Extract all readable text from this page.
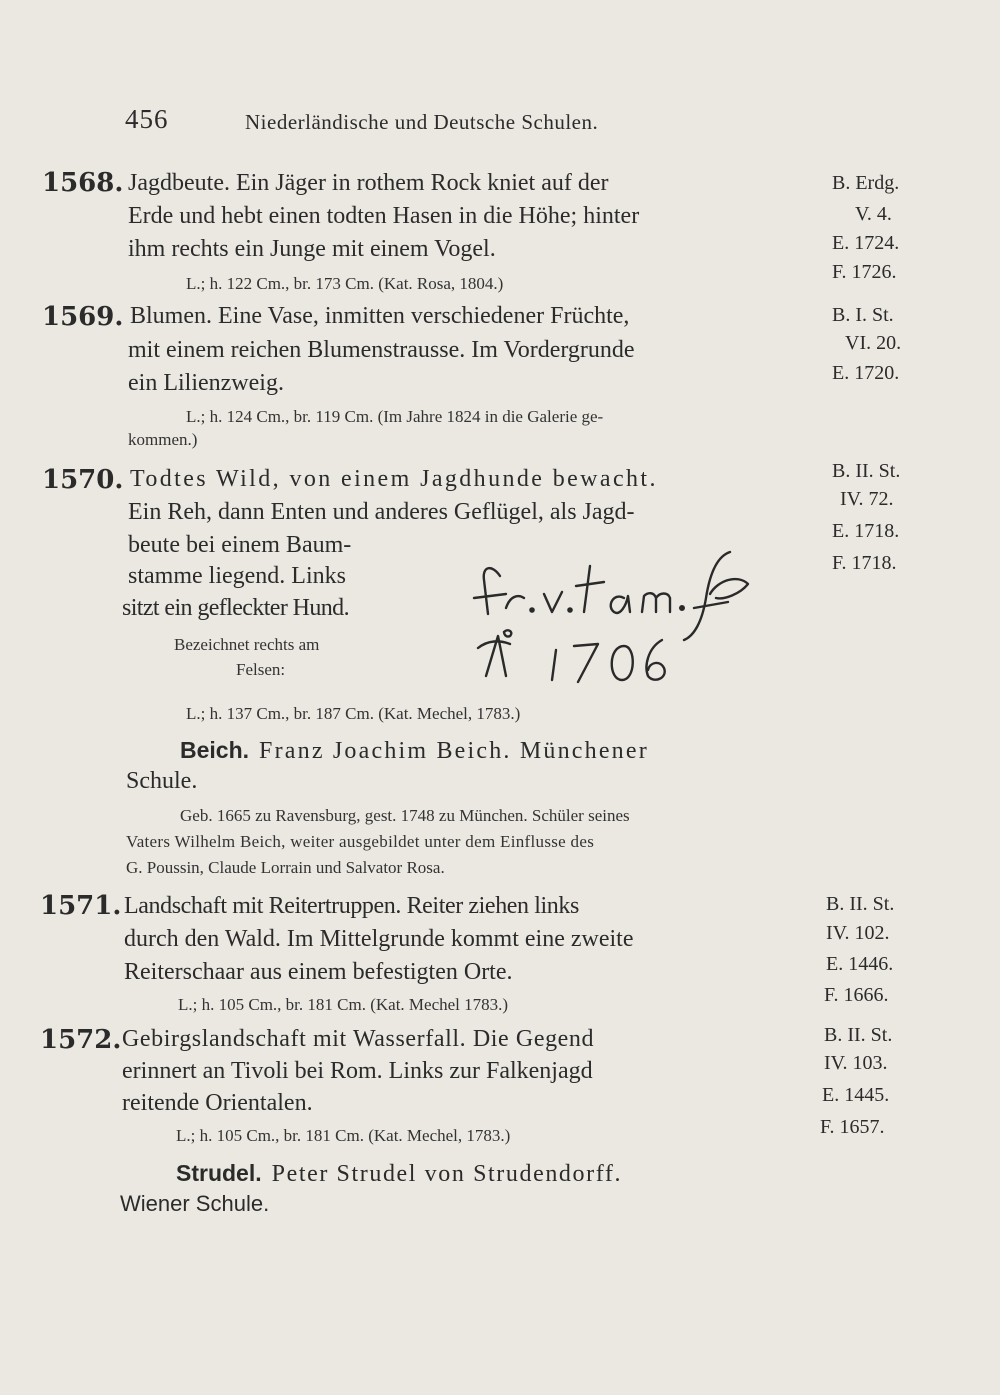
456	Niederländische und Deutsche Schulen.
1568. Jagdbeute. Ein Jäger in rothem Rock kniet auf der
Erde und hebt einen todten Hasen in die Höhe; hinter
ihm rechts ein Junge mit einem Vogel.
L.; h. 122 Cm., br. 173 Cm. (Kat. Rosa, 1804.)
B. Erdg.
V. 4.
E. 1724.
F. 1726.
1569. Blumen. Eine Vase, inmitten verschiedener Früchte,
mit einem reichen Blumenstrausse. Im Vordergrunde
ein Lilienzweig.
L.; h. 124 Cm., br. 119 Cm. (Im Jahre 1824 in die Galerie ge-
kommen.)
B. I. St.
VI. 20.
E. 1720.
1570. Todtes Wild, von einem Jagdhunde bewacht.
Ein Reh, dann Enten und anderes Geflügel, als Jagd-
beute bei einem Baum-
stamme liegend. Links
sitzt ein gefleckter Hund.
Bezeichnet rechts am
Felsen:
L.; h. 137 Cm., br. 187 Cm. (Kat. Mechel, 1783.)
B. II. St.
IV. 72.
E. 1718.
F. 1718.
Beich. Franz Joachim Beich. Münchener
Schule.
Geb. 1665 zu Ravensburg, gest. 1748 zu München. Schüler seines
Vaters Wilhelm Beich, weiter ausgebildet unter dem Einflusse des
G. Poussin, Claude Lorrain und Salvator Rosa.
1571. Landschaft mit Reitertruppen. Reiter ziehen links
durch den Wald. Im Mittelgrunde kommt eine zweite
Reiterschaar aus einem befestigten Orte.
L.; h. 105 Cm., br. 181 Cm. (Kat. Mechel 1783.)
B. II. St.
IV. 102.
E. 1446.
F. 1666.
1572. Gebirgslandschaft mit Wasserfall. Die Gegend
erinnert an Tivoli bei Rom. Links zur Falkenjagd
reitende Orientalen.
L.; h. 105 Cm., br. 181 Cm. (Kat. Mechel, 1783.)
B. II. St.
IV. 103.
E. 1445.
F. 1657.
Strudel. Peter Strudel von Strudendorff.
Wiener Schule.
